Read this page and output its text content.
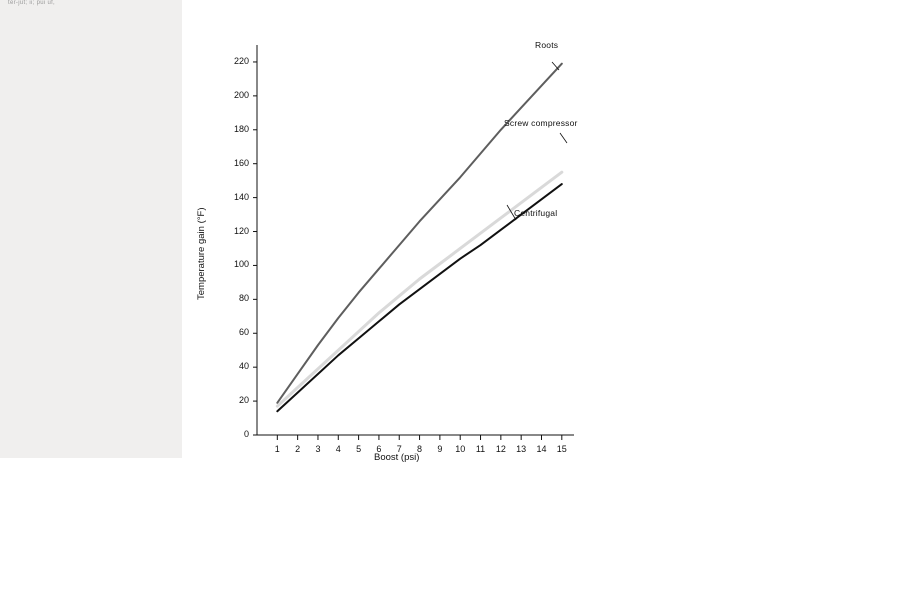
ter-jut; ii; pui uf,
Temperature gain (°F)
Boost (psi)
0
20
40
60
80
100
120
140
160
180
200
220
1	2	3	4	5	6	7	8	9	10	11	12	13	14	15
Roots
Screw compressor
Centrifugal
